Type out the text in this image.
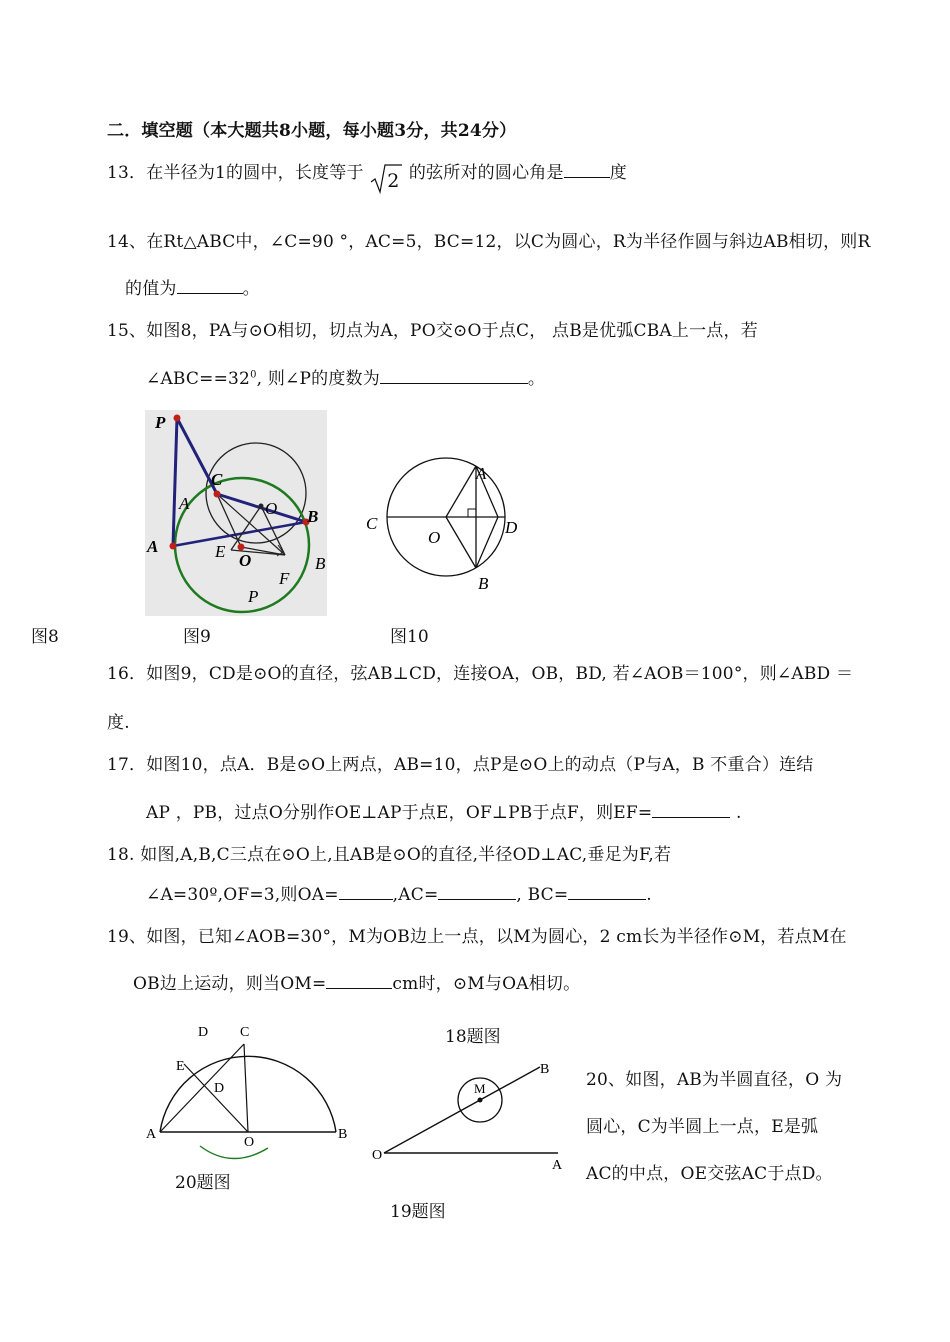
二．填空题（本大题共8小题，每小题3分，共24分）
13．在半径为1的圆中，长度等于 2 的弦所对的圆心角是	度
14、在Rt△ABC中，∠C=90 °，AC=5，BC=12，以C为圆心，R为半径作圆与斜边AB相切，则R
的值为	。
15、如图8，PA与⊙O相切，切点为A，PO交⊙O于点C， 点B是优弧CBA上一点，若
$\angle ABC==32^0$, 则∠P的度数为	。
P
C
A	O B
A	E O
F
B
P
A
C
O
D
B
图8	图9	图10
16．如图9，CD是⊙O的直径，弦AB⊥CD，连接OA，OB，BD, 若∠AOB＝100°，则∠ABD ＝
度.
17．如图10，点A．B是⊙O上两点，AB=10，点P是⊙O上的动点（P与A，B 不重合）连结
AP ，PB，过点O分别作OE⊥AP于点E，OF⊥PB于点F，则EF=	.
18. 如图,A,B,C三点在⊙O上,且AB是⊙O的直径,半径OD⊥AC,垂足为F,若
∠A=30º,OF=3,则OA=	,AC=	, BC=	.
19、如图，已知∠AOB=30°，M为OB边上一点，以M为圆心，2 cm长为半径作⊙M，若点M在
OB边上运动，则当OM=	cm时，⊙M与OA相切。
D C
E
D
A
O
B
20题图
18题图
B
M
O
A
19题图
20、如图，AB为半圆直径，O 为
圆心，C为半圆上一点，E是弧
AC的中点，OE交弦AC于点D。
